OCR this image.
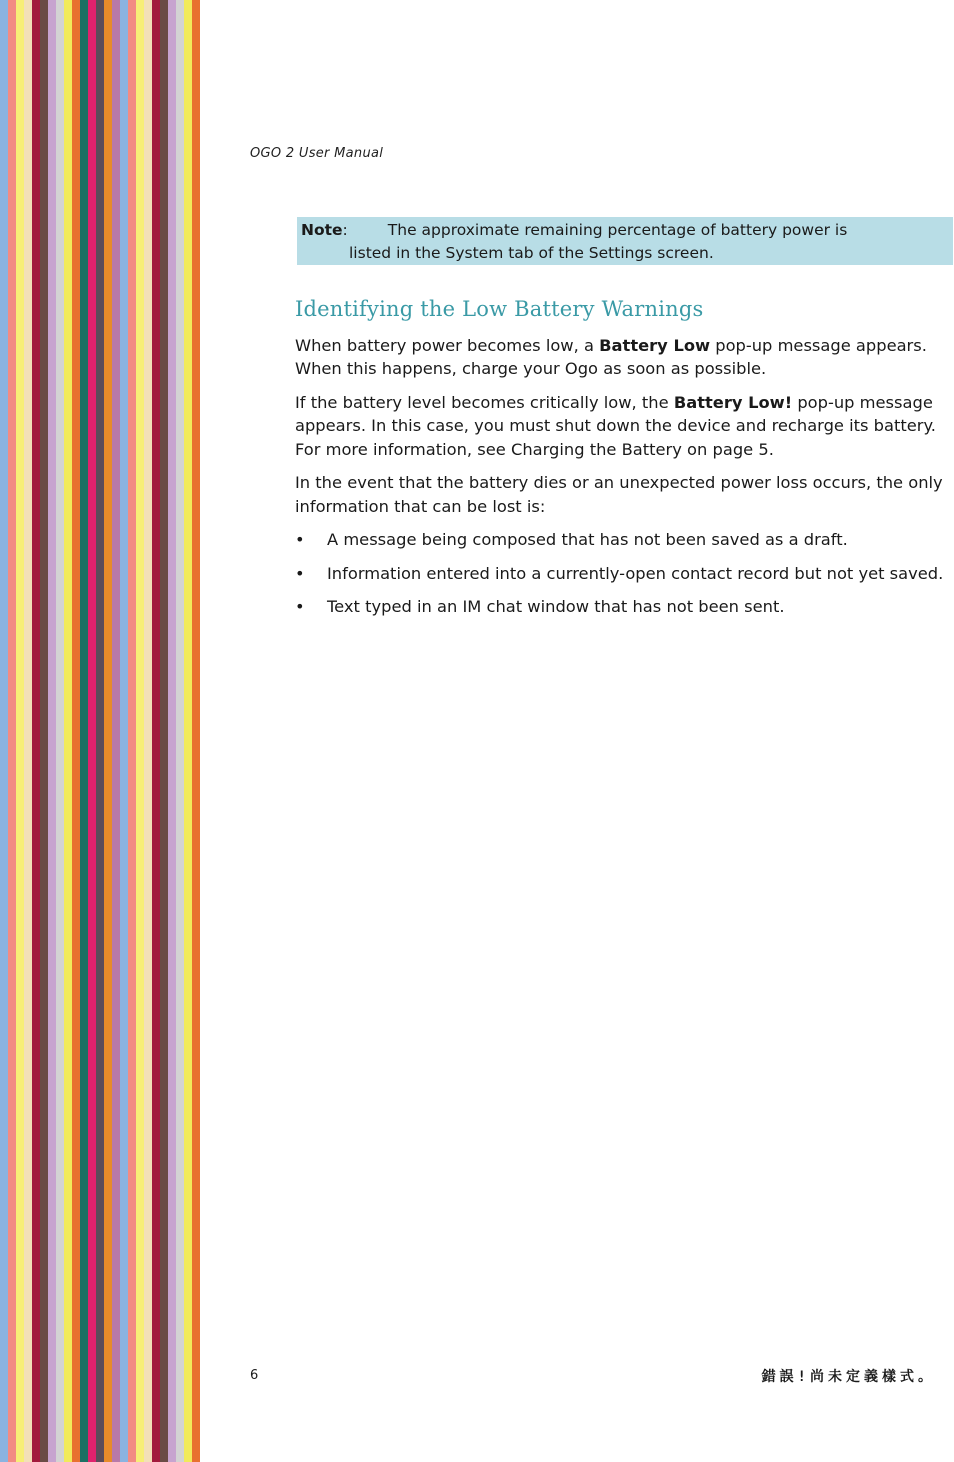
OGO 2 User Manual
Note:	The approximate remaining percentage of battery power is
listed in the System tab of the Settings screen.
Identifying the Low Battery Warnings

When battery power becomes low, a Battery Low pop-up message appears. When this happens, charge your Ogo as soon as possible.

If the battery level becomes critically low, the Battery Low! pop-up message appears. In this case, you must shut down the device and recharge its battery. For more information, see Charging the Battery on page 5.

In the event that the battery dies or an unexpected power loss occurs, the only information that can be lost is:

• A message being composed that has not been saved as a draft.
• Information entered into a currently-open contact record but not yet saved.
• Text typed in an IM chat window that has not been sent.
6	錯誤!尚未定義樣式。
